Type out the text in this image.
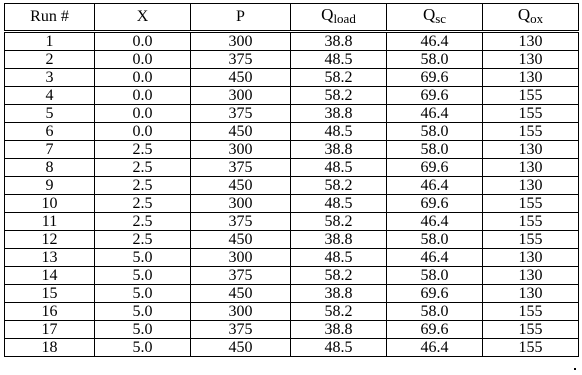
Run #	X	P	Qload	Qsc	Qox
1	0.0	300	38.8	46.4	130
2	0.0	375	48.5	58.0	130
3	0.0	450	58.2	69.6	130
4	0.0	300	58.2	69.6	155
5	0.0	375	38.8	46.4	155
6	0.0	450	48.5	58.0	155
7	2.5	300	38.8	58.0	130
8	2.5	375	48.5	69.6	130
9	2.5	450	58.2	46.4	130
10	2.5	300	48.5	69.6	155
11	2.5	375	58.2	46.4	155
12	2.5	450	38.8	58.0	155
13	5.0	300	48.5	46.4	130
14	5.0	375	58.2	58.0	130
15	5.0	450	38.8	69.6	130
16	5.0	300	58.2	58.0	155
17	5.0	375	38.8	69.6	155
18	5.0	450	48.5	46.4	155
